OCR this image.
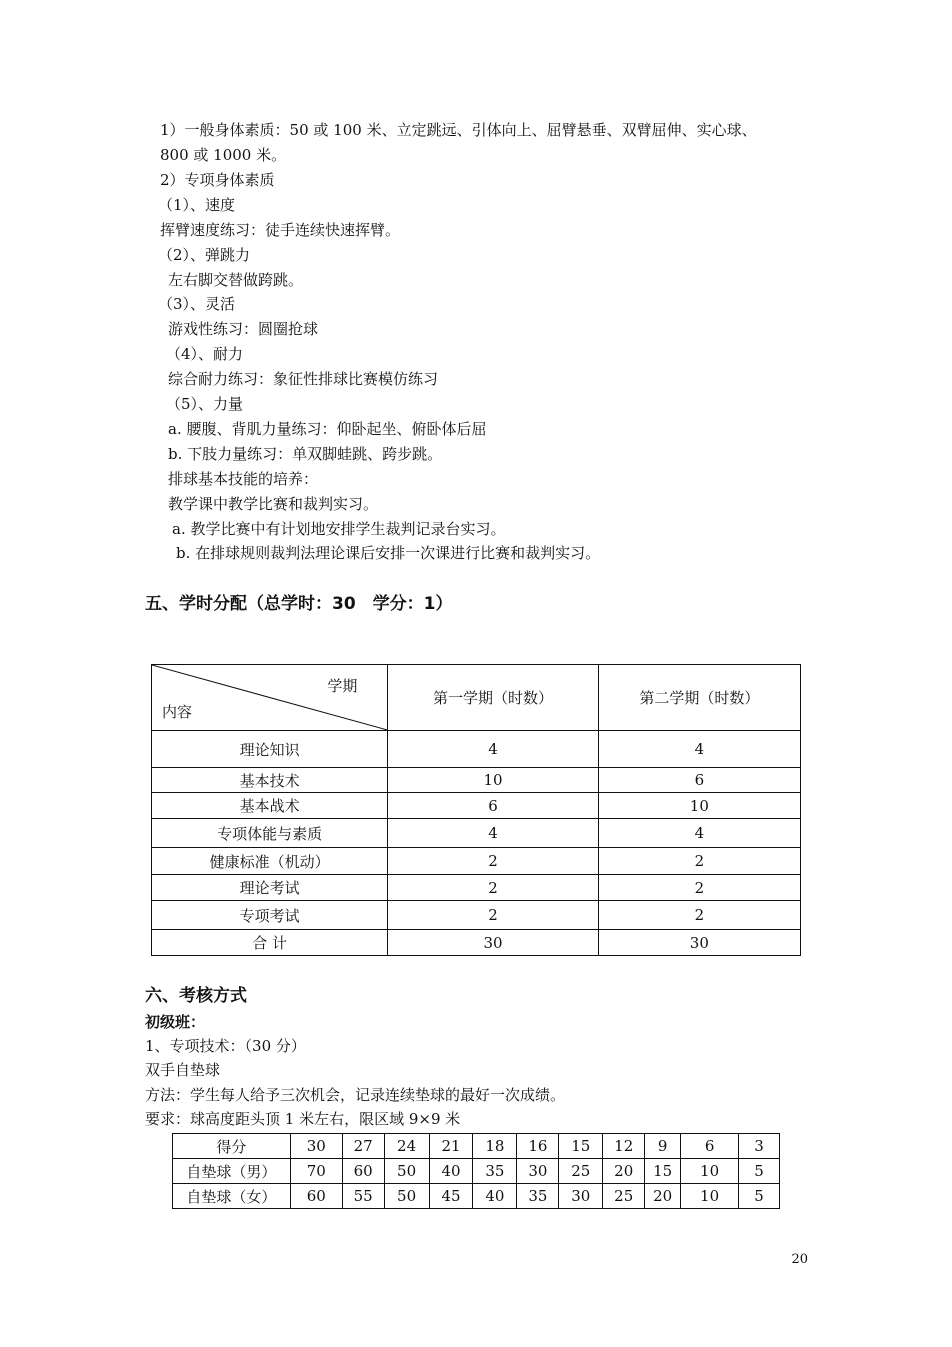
1）一般身体素质：50 或 100 米、立定跳远、引体向上、屈臂悬垂、双臂屈伸、实心球、
800 或 1000 米。
2）专项身体素质
（1）、速度
挥臂速度练习：徒手连续快速挥臂。
（2）、弹跳力
左右脚交替做跨跳。
（3）、灵活
游戏性练习：圆圈抢球
（4）、耐力
综合耐力练习：象征性排球比赛模仿练习
（5）、力量
a. 腰腹、背肌力量练习：仰卧起坐、俯卧体后屈
b. 下肢力量练习：单双脚蛙跳、跨步跳。
排球基本技能的培养：
教学课中教学比赛和裁判实习。
a. 教学比赛中有计划地安排学生裁判记录台实习。
b. 在排球规则裁判法理论课后安排一次课进行比赛和裁判实习。
五、学时分配（总学时：30　学分：1）
学期
内容	第一学期（时数）	第二学期（时数）
理论知识	4	4
基本技术	10	6
基本战术	6	10
专项体能与素质	4	4
健康标准（机动）	2	2
理论考试	2	2
专项考试	2	2
合 计	30	30
六、考核方式
初级班：
1、专项技术：（30 分）
双手自垫球
方法：学生每人给予三次机会，记录连续垫球的最好一次成绩。
要求：球高度距头顶 1 米左右，限区域 9×9 米
得分	30	27	24	21	18	16	15	12	9	6	3
自垫球（男）	70	60	50	40	35	30	25	20	15	10	5
自垫球（女）	60	55	50	45	40	35	30	25	20	10	5
20
